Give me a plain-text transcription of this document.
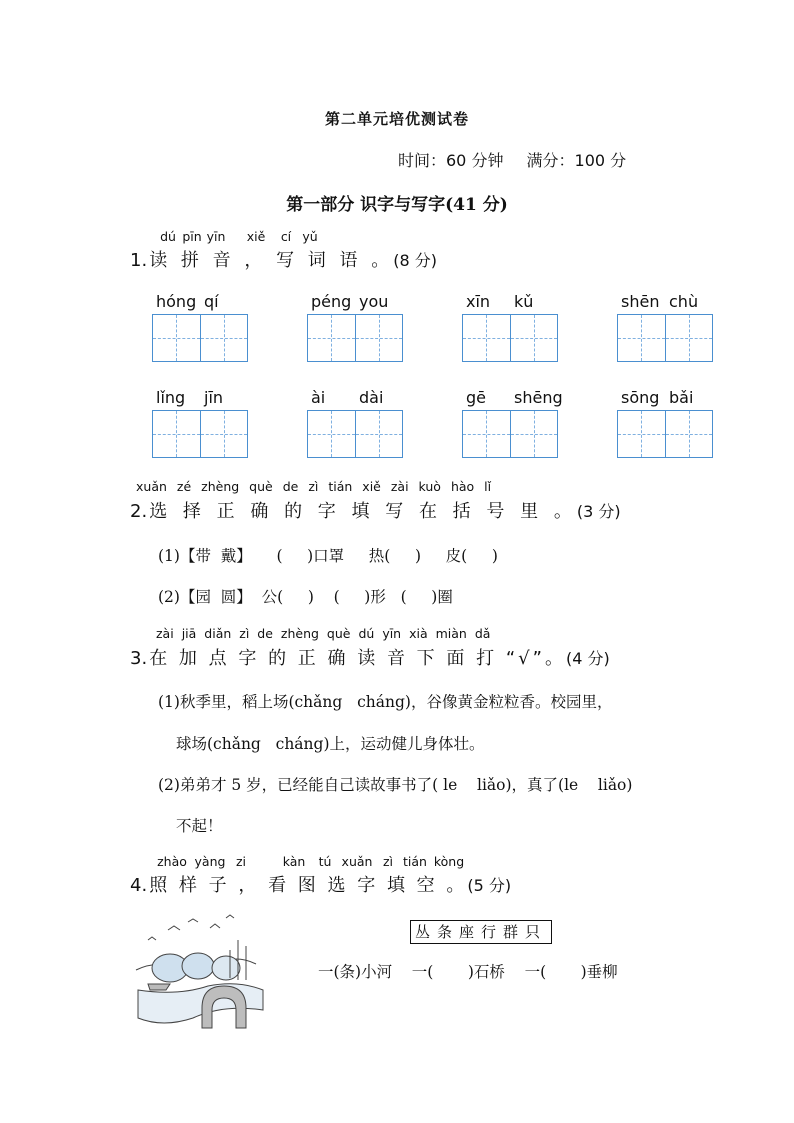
第二单元培优测试卷
时间：60 分钟 满分：100 分
第一部分 识字与写字(41 分)
dú pīn yīn xiě cí yǔ
1. 读 拼 音 ， 写 词 语 。(8 分)
hóng qí	péng you	xīn kǔ	shēn chù
lǐng jīn	ài dài	gē shēng	sōng bǎi
xuǎn zé zhèng què de zì tián xiě zài kuò hào lǐ
2. 选 择 正 确 的 字 填 写 在 括 号 里 。(3 分)
(1)【带  戴】     (     )口罩     热(     )     皮(     )
(2)【园  圆】  公(     )    (     )形   (     )圈
zài jiā diǎn zì de zhèng què dú yīn xià miàn dǎ
3. 在 加 点 字 的 正 确 读 音 下 面 打 “√”。(4 分)
(1)秋季里，稻上场(chǎng   cháng)，谷像黄金粒粒香。校园里，
球场(chǎng   cháng)上，运动健儿身体壮。
(2)弟弟才 5 岁，已经能自己读故事书了( le    liǎo)，真了(le    liǎo)
不起！
zhào yàng zi	kàn tú xuǎn zì tián kòng
4. 照 样 子 ， 看 图 选 字 填 空 。(5 分)
丛条座行群只
一(条)小河    一(       )石桥    一(       )垂柳
